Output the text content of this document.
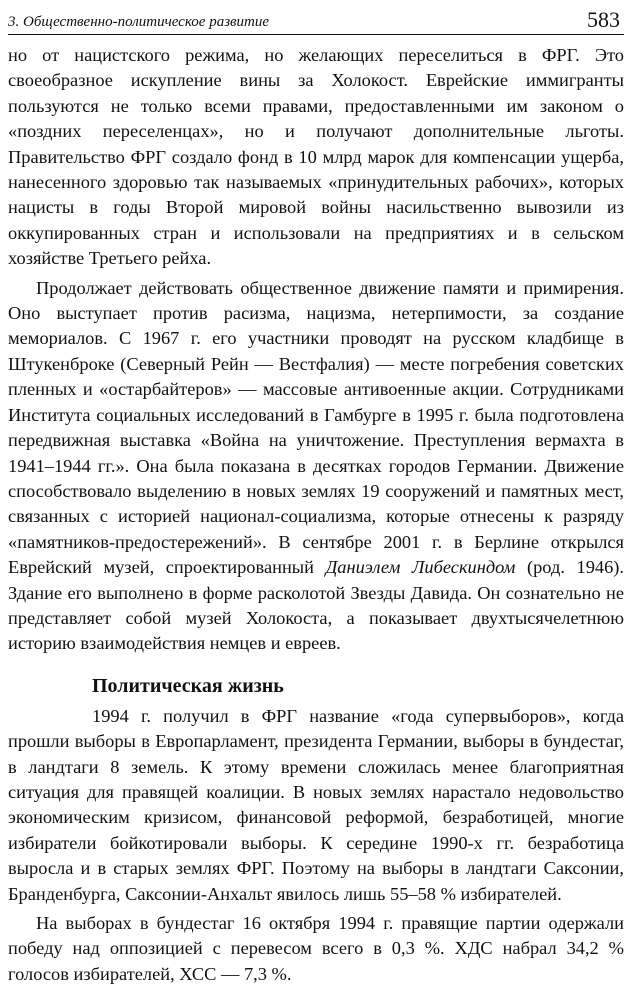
3. Общественно-политическое развитие	583

но от нацистского режима, но желающих переселиться в ФРГ. Это своеобразное искупление вины за Холокост. Еврейские иммигранты пользуются не только всеми правами, предоставленными им законом о «поздних переселенцах», но и получают дополнительные льготы. Правительство ФРГ создало фонд в 10 млрд марок для компенсации ущерба, нанесенного здоровью так называемых «принудительных рабочих», которых нацисты в годы Второй мировой войны насильственно вывозили из оккупированных стран и использовали на предприятиях и в сельском хозяйстве Третьего рейха.

Продолжает действовать общественное движение памяти и примирения. Оно выступает против расизма, нацизма, нетерпимости, за создание мемориалов. С 1967 г. его участники проводят на русском кладбище в Штукенброке (Северный Рейн — Вестфалия) — месте погребения советских пленных и «остарбайтеров» — массовые антивоенные акции. Сотрудниками Института социальных исследований в Гамбурге в 1995 г. была подготовлена передвижная выставка «Война на уничтожение. Преступления вермахта в 1941–1944 гг.». Она была показана в десятках городов Германии. Движение способствовало выделению в новых землях 19 сооружений и памятных мест, связанных с историей национал-социализма, которые отнесены к разряду «памятников-предостережений». В сентябре 2001 г. в Берлине открылся Еврейский музей, спроектированный Даниэлем Либескиндом (род. 1946). Здание его выполнено в форме расколотой Звезды Давида. Он сознательно не представляет собой музей Холокоста, а показывает двухтысячелетнюю историю взаимодействия немцев и евреев.

Политическая жизнь

1994 г. получил в ФРГ название «года супервыборов», когда прошли выборы в Европарламент, президента Германии, выборы в бундестаг, в ландтаги 8 земель. К этому времени сложилась менее благоприятная ситуация для правящей коалиции. В новых землях нарастало недовольство экономическим кризисом, финансовой реформой, безработицей, многие избиратели бойкотировали выборы. К середине 1990-х гг. безработица выросла и в старых землях ФРГ. Поэтому на выборы в ландтаги Саксонии, Бранденбурга, Саксонии-Анхальт явилось лишь 55–58 % избирателей.

На выборах в бундестаг 16 октября 1994 г. правящие партии одержали победу над оппозицией с перевесом всего в 0,3 %. ХДС набрал 34,2 % голосов избирателей, ХСС — 7,3 %.
